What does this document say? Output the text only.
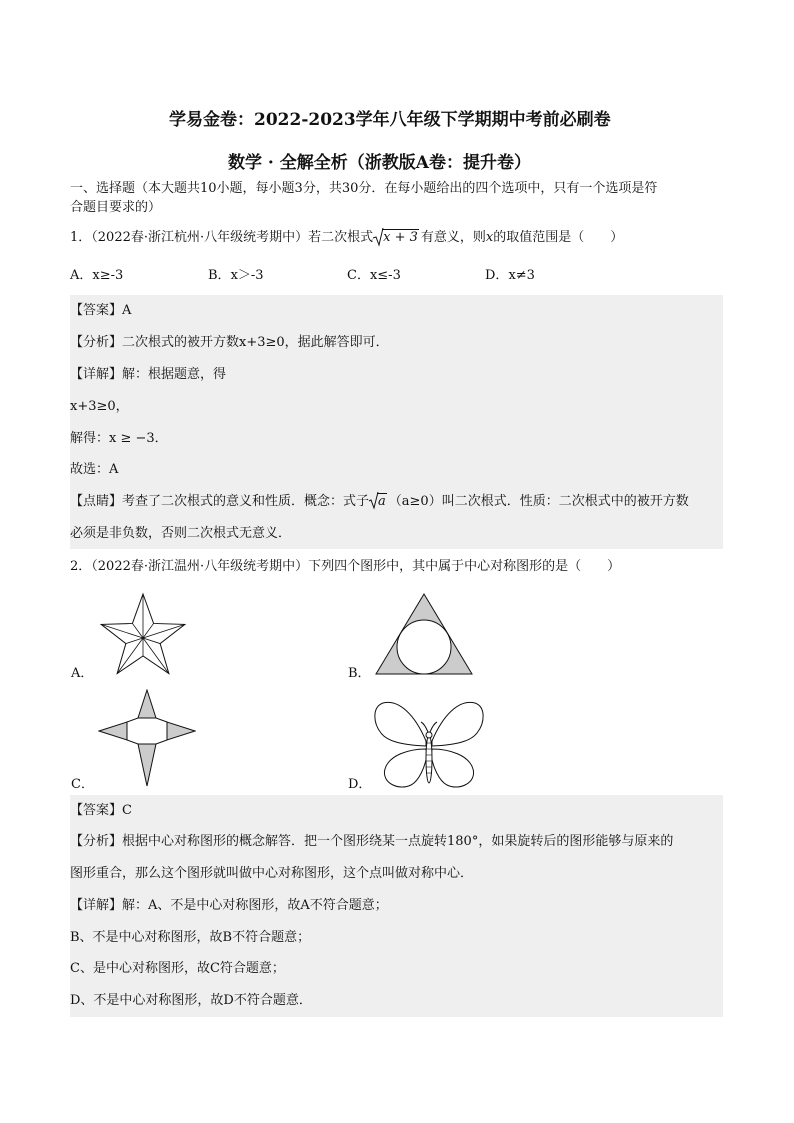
学易金卷：2022-2023学年八年级下学期期中考前必刷卷
数学 · 全解全析（浙教版A卷：提升卷）
一、选择题（本大题共10小题，每小题3分，共30分．在每小题给出的四个选项中，只有一个选项是符
合题目要求的）
1．（2022春·浙江杭州·八年级统考期中）若二次根式 x + 3 有意义，则x的取值范围是（　　）
A．x≥-3	B．x＞-3	C．x≤-3	D．x≠3
【答案】A
【分析】二次根式的被开方数x+3≥0，据此解答即可．
【详解】解：根据题意，得
x+3≥0，
解得：x ≥ −3．
故选：A
【点睛】考查了二次根式的意义和性质．概念：式子 a （a≥0）叫二次根式．性质：二次根式中的被开方数
必须是非负数，否则二次根式无意义．
2．（2022春·浙江温州·八年级统考期中）下列四个图形中，其中属于中心对称图形的是（　　）
A．	B．
C．	D．
【答案】C
【分析】根据中心对称图形的概念解答．把一个图形绕某一点旋转180°，如果旋转后的图形能够与原来的
图形重合，那么这个图形就叫做中心对称图形，这个点叫做对称中心．
【详解】解：A、不是中心对称图形，故A不符合题意；
B、不是中心对称图形，故B不符合题意；
C、是中心对称图形，故C符合题意；
D、不是中心对称图形，故D不符合题意．
